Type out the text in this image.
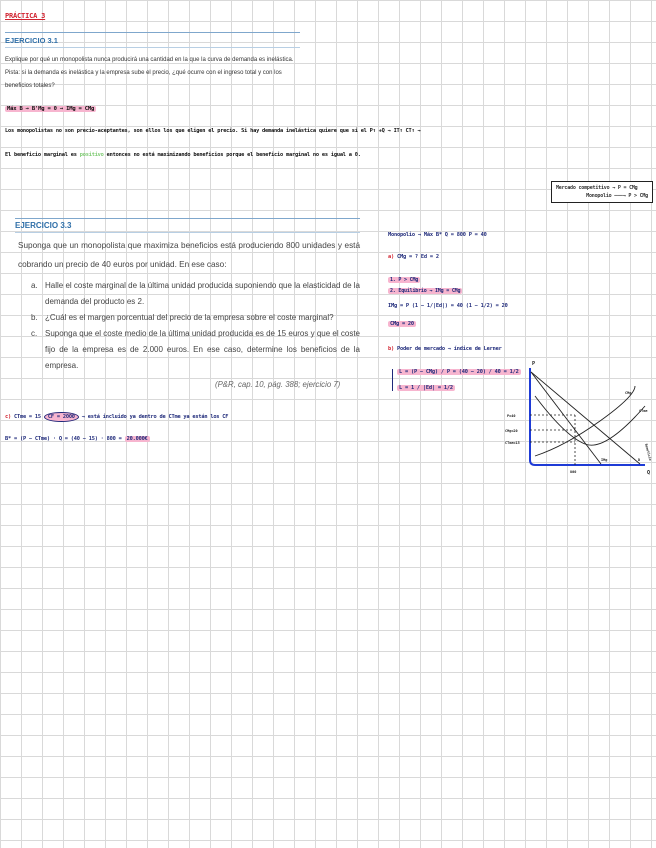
PRÁCTICA 3
EJERCICIO 3.1
Explique por qué un monopolista nunca producirá una cantidad en la que la curva de demanda es inelástica. Pista: si la demanda es inelástica y la empresa sube el precio, ¿qué ocurre con el ingreso total y con los beneficios totales?
Máx B → B'Mg = 0 → IMg = CMg
Los monopolistas no son precio-aceptantes, son ellos los que eligen el precio. Si hay demanda inelástica quiere que si el P↑ +Q → IT↑ CT↑ →
El beneficio marginal es positivo entonces no está maximizando beneficios porque el beneficio marginal no es igual a 0.
Mercado competitivo → P = CMg
Monopolio ———→ P > CMg
EJERCICIO 3.3
Suponga que un monopolista que maximiza beneficios está produciendo 800 unidades y está cobrando un precio de 40 euros por unidad. En ese caso:
a. Halle el coste marginal de la última unidad producida suponiendo que la elasticidad de la demanda del producto es 2.
b. ¿Cuál es el margen porcentual del precio de la empresa sobre el coste marginal?
c. Suponga que el coste medio de la última unidad producida es de 15 euros y que el coste fijo de la empresa es de 2.000 euros. En ese caso, determine los beneficios de la empresa.
(P&R, cap. 10, pág. 388; ejercicio 7)
c) CTme = 15 CF = 2000 → está incluido ya dentro de CTme ya están los CF
B* = (P − CTme) · Q = (40 − 15) · 800 = 20.000€
Monopolio → Máx B* Q = 800 P = 40
a) CMg = ? Ed = 2
1. P > CMg
2. Equilibrio → IMg = CMg
IMg = P (1 − 1/|Ed|) = 40 (1 − 1/2) = 20
CMg = 20
b) Poder de mercado → índice de Lerner
L = (P − CMg) / P = (40 − 20) / 40 = 1/2
L = 1 / |Ed| = 1/2
P
Q
P=40
CMg=20
CTme=15
800
CMg
CTme
D
IMg	Beneficio
